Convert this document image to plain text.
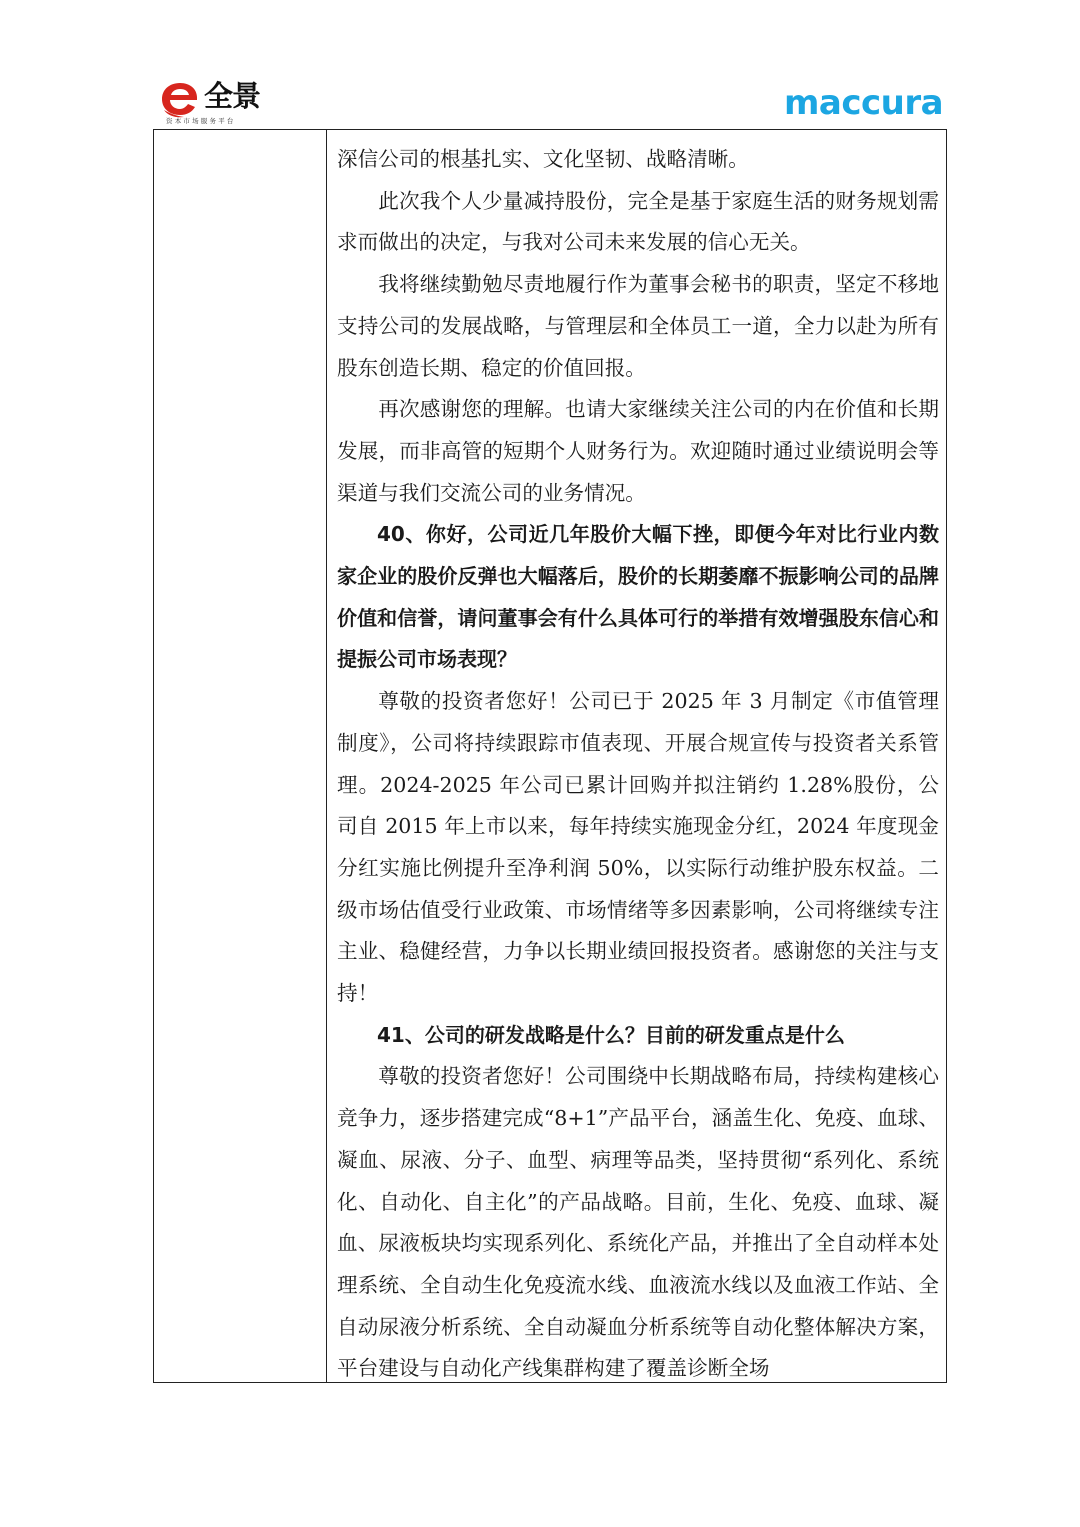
全景
资本市场服务平台	maccura

深信公司的根基扎实、文化坚韧、战略清晰。

此次我个人少量减持股份，完全是基于家庭生活的财务规划需求而做出的决定，与我对公司未来发展的信心无关。

我将继续勤勉尽责地履行作为董事会秘书的职责，坚定不移地支持公司的发展战略，与管理层和全体员工一道，全力以赴为所有股东创造长期、稳定的价值回报。

再次感谢您的理解。也请大家继续关注公司的内在价值和长期发展，而非高管的短期个人财务行为。欢迎随时通过业绩说明会等渠道与我们交流公司的业务情况。

40、你好，公司近几年股价大幅下挫，即便今年对比行业内数家企业的股价反弹也大幅落后，股价的长期萎靡不振影响公司的品牌价值和信誉，请问董事会有什么具体可行的举措有效增强股东信心和提振公司市场表现？

尊敬的投资者您好！公司已于 2025 年 3 月制定《市值管理制度》，公司将持续跟踪市值表现、开展合规宣传与投资者关系管理。2024-2025 年公司已累计回购并拟注销约 1.28%股份，公司自 2015 年上市以来，每年持续实施现金分红，2024 年度现金分红实施比例提升至净利润 50%，以实际行动维护股东权益。二级市场估值受行业政策、市场情绪等多因素影响，公司将继续专注主业、稳健经营，力争以长期业绩回报投资者。感谢您的关注与支持！

41、公司的研发战略是什么？目前的研发重点是什么

尊敬的投资者您好！公司围绕中长期战略布局，持续构建核心竞争力，逐步搭建完成“8+1”产品平台，涵盖生化、免疫、血球、凝血、尿液、分子、血型、病理等品类，坚持贯彻“系列化、系统化、自动化、自主化”的产品战略。目前，生化、免疫、血球、凝血、尿液板块均实现系列化、系统化产品，并推出了全自动样本处理系统、全自动生化免疫流水线、血液流水线以及血液工作站、全自动尿液分析系统、全自动凝血分析系统等自动化整体解决方案，平台建设与自动化产线集群构建了覆盖诊断全场
